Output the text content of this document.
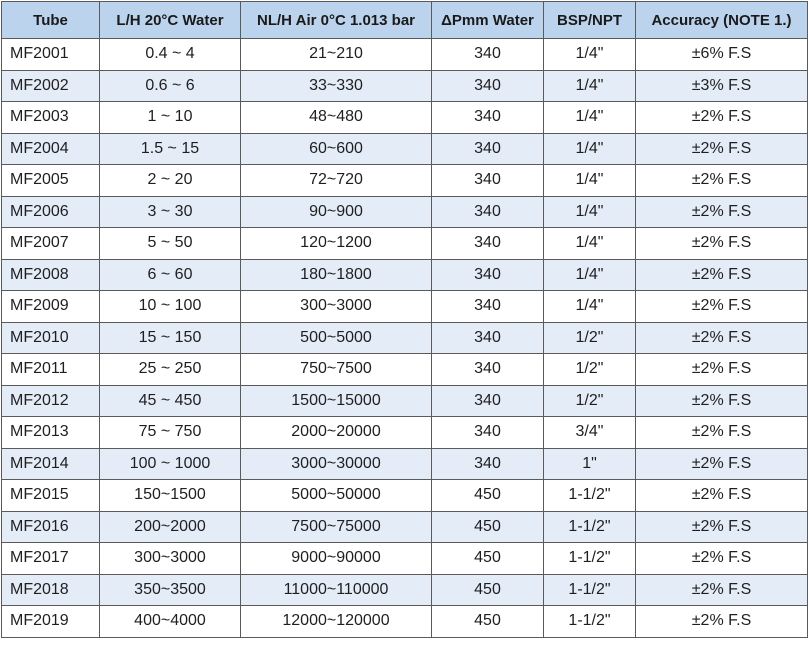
Tube	L/H 20°C Water	NL/H Air 0°C 1.013 bar	ΔPmm Water	BSP/NPT	Accuracy (NOTE 1.)
MF2001	0.4 ~ 4	21~210	340	1/4"	±6% F.S
MF2002	0.6 ~ 6	33~330	340	1/4"	±3% F.S
MF2003	1 ~ 10	48~480	340	1/4"	±2% F.S
MF2004	1.5 ~ 15	60~600	340	1/4"	±2% F.S
MF2005	2 ~ 20	72~720	340	1/4"	±2% F.S
MF2006	3 ~ 30	90~900	340	1/4"	±2% F.S
MF2007	5 ~ 50	120~1200	340	1/4"	±2% F.S
MF2008	6 ~ 60	180~1800	340	1/4"	±2% F.S
MF2009	10 ~ 100	300~3000	340	1/4"	±2% F.S
MF2010	15 ~ 150	500~5000	340	1/2"	±2% F.S
MF2011	25 ~ 250	750~7500	340	1/2"	±2% F.S
MF2012	45 ~ 450	1500~15000	340	1/2"	±2% F.S
MF2013	75 ~ 750	2000~20000	340	3/4"	±2% F.S
MF2014	100 ~ 1000	3000~30000	340	1"	±2% F.S
MF2015	150~1500	5000~50000	450	1-1/2"	±2% F.S
MF2016	200~2000	7500~75000	450	1-1/2"	±2% F.S
MF2017	300~3000	9000~90000	450	1-1/2"	±2% F.S
MF2018	350~3500	11000~110000	450	1-1/2"	±2% F.S
MF2019	400~4000	12000~120000	450	1-1/2"	±2% F.S
